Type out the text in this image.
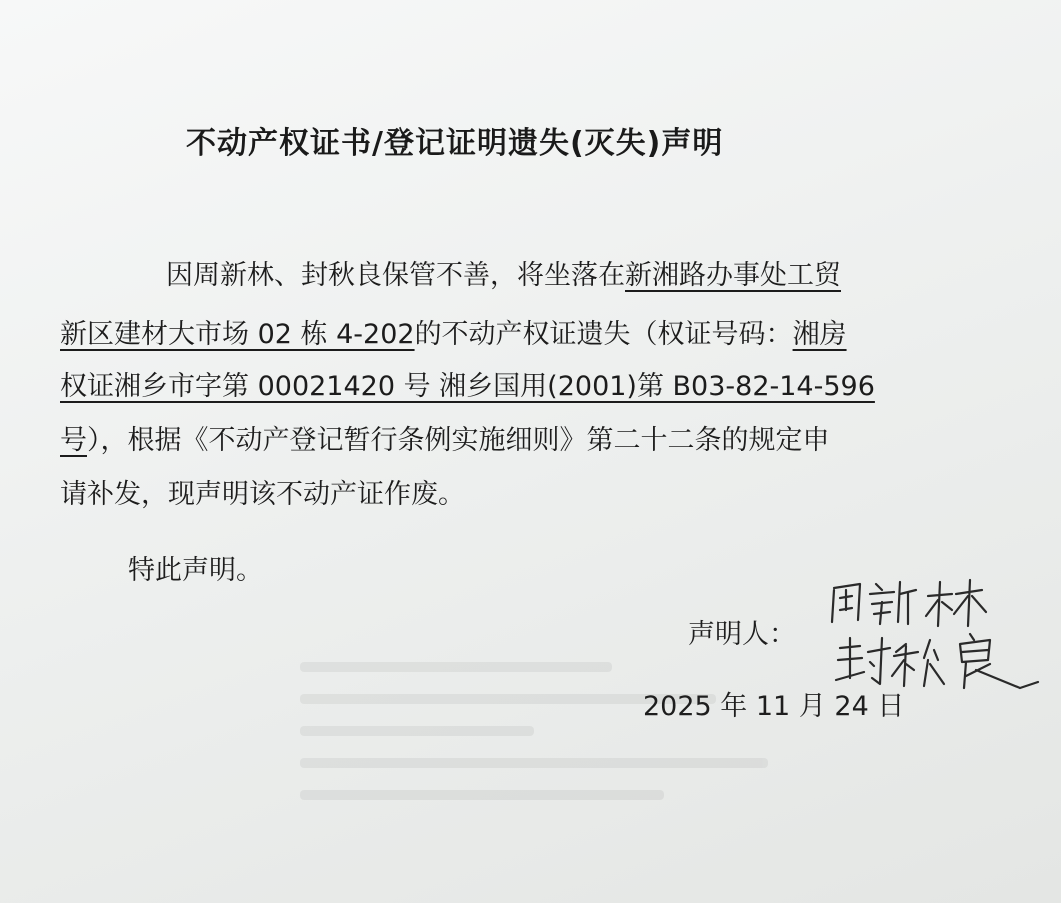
不动产权证书/登记证明遗失(灭失)声明
因周新林、封秋良保管不善，将坐落在新湘路办事处工贸
新区建材大市场 02 栋 4-202的不动产权证遗失（权证号码：湘房
权证湘乡市字第 00021420 号 湘乡国用(2001)第 B03-82-14-596
号），根据《不动产登记暂行条例实施细则》第二十二条的规定申
请补发，现声明该不动产证作废。
特此声明。
声明人：
2025 年 11 月 24 日
